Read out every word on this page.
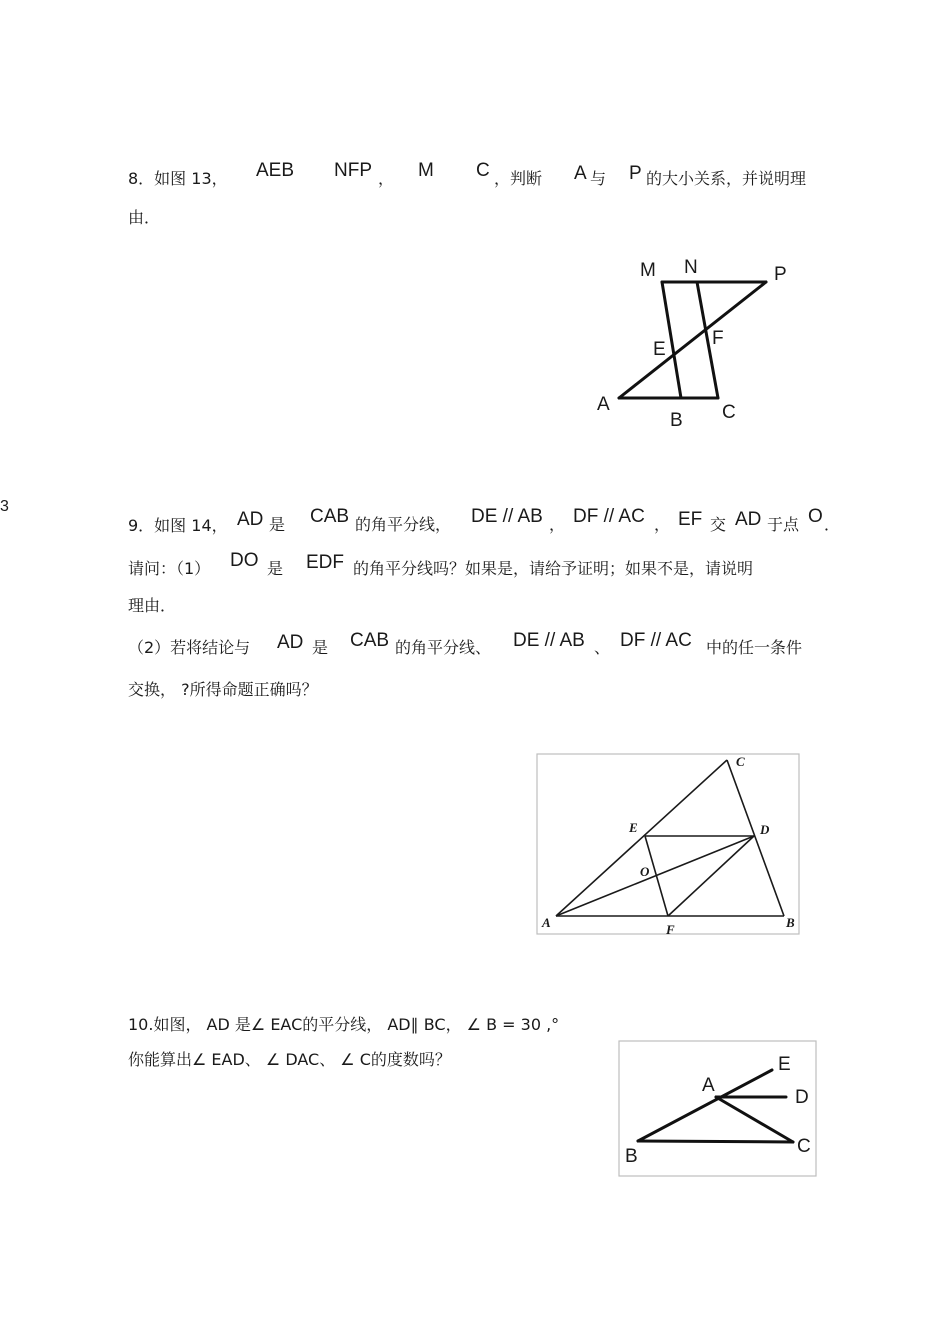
3
8．如图 13， AEB NFP ， M C ，判断 A 与 P 的大小关系，并说明理
由．
M N	P
E
F
A
B C
9．如图 14， AD 是 CAB 的角平分线， DE // AB ， DF // AC ， EF 交 AD 于点 O ．
请问：（1） DO 是 EDF 的角平分线吗？如果是，请给予证明；如果不是，请说明
理由．
（2）若将结论与 AD 是 CAB 的角平分线、 DE // AB 、 DF // AC 中的任一条件
交换， ?所得命题正确吗？
C
E	D
O
A	F	B
10.如图， AD 是∠ EAC的平分线， AD∥ BC， ∠ B = 30 ,°
你能算出∠ EAD、 ∠ DAC、 ∠ C的度数吗？	E
A
D
B	C
